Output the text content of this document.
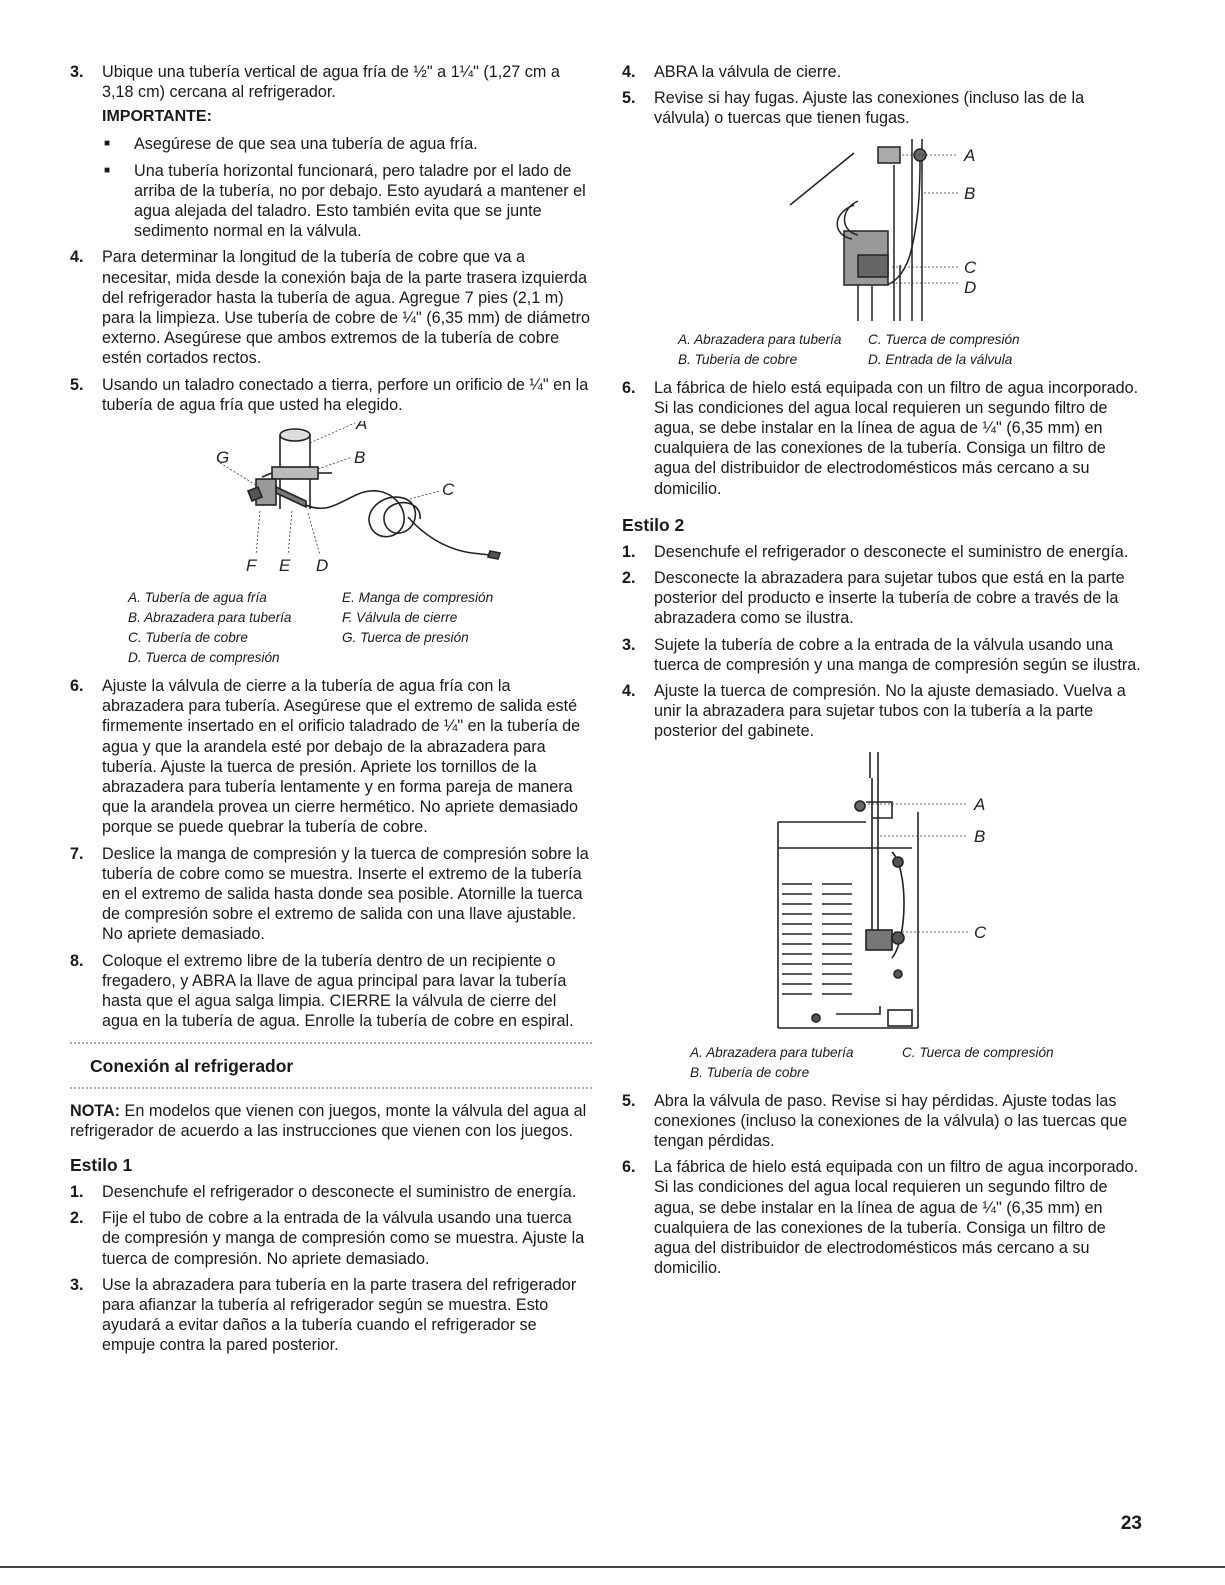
3.	Ubique una tubería vertical de agua fría de ½" a 1¼" (1,27 cm a 3,18 cm) cercana al refrigerador.
IMPORTANTE:
■	Asegúrese de que sea una tubería de agua fría.
■	Una tubería horizontal funcionará, pero taladre por el lado de arriba de la tubería, no por debajo. Esto ayudará a mantener el agua alejada del taladro. Esto también evita que se junte sedimento normal en la válvula.
4.	Para determinar la longitud de la tubería de cobre que va a necesitar, mida desde la conexión baja de la parte trasera izquierda del refrigerador hasta la tubería de agua. Agregue 7 pies (2,1 m) para la limpieza. Use tubería de cobre de ¼" (6,35 mm) de diámetro externo. Asegúrese que ambos extremos de la tubería de cobre estén cortados rectos.
5.	Usando un taladro conectado a tierra, perfore un orificio de ¼" en la tubería de agua fría que usted ha elegido.
A
B
C
G
F E D
A. Tubería de agua fría
B. Abrazadera para tubería
C. Tubería de cobre
D. Tuerca de compresión
E. Manga de compresión
F. Válvula de cierre
G. Tuerca de presión
6.	Ajuste la válvula de cierre a la tubería de agua fría con la abrazadera para tubería. Asegúrese que el extremo de salida esté firmemente insertado en el orificio taladrado de ¼" en la tubería de agua y que la arandela esté por debajo de la abrazadera para tubería. Ajuste la tuerca de presión. Apriete los tornillos de la abrazadera para tubería lentamente y en forma pareja de manera que la arandela provea un cierre hermético. No apriete demasiado porque se puede quebrar la tubería de cobre.
7.	Deslice la manga de compresión y la tuerca de compresión sobre la tubería de cobre como se muestra. Inserte el extremo de la tubería en el extremo de salida hasta donde sea posible. Atornille la tuerca de compresión sobre el extremo de salida con una llave ajustable. No apriete demasiado.
8.	Coloque el extremo libre de la tubería dentro de un recipiente o fregadero, y ABRA la llave de agua principal para lavar la tubería hasta que el agua salga limpia. CIERRE la válvula de cierre del agua en la tubería de agua. Enrolle la tubería de cobre en espiral.
Conexión al refrigerador

NOTA: En modelos que vienen con juegos, monte la válvula del agua al refrigerador de acuerdo a las instrucciones que vienen con los juegos.

Estilo 1
1.	Desenchufe el refrigerador o desconecte el suministro de energía.
2.	Fije el tubo de cobre a la entrada de la válvula usando una tuerca de compresión y manga de compresión como se muestra. Ajuste la tuerca de compresión. No apriete demasiado.
3.	Use la abrazadera para tubería en la parte trasera del refrigerador para afianzar la tubería al refrigerador según se muestra. Esto ayudará a evitar daños a la tubería cuando el refrigerador se empuje contra la pared posterior.
4.	ABRA la válvula de cierre.
5.	Revise si hay fugas. Ajuste las conexiones (incluso las de la válvula) o tuercas que tienen fugas.
A
B
C
D
A. Abrazadera para tubería
B. Tubería de cobre
C. Tuerca de compresión
D. Entrada de la válvula
6.	La fábrica de hielo está equipada con un filtro de agua incorporado. Si las condiciones del agua local requieren un segundo filtro de agua, se debe instalar en la línea de agua de ¼" (6,35 mm) en cualquiera de las conexiones de la tubería. Consiga un filtro de agua del distribuidor de electrodomésticos más cercano a su domicilio.
Estilo 2
1.	Desenchufe el refrigerador o desconecte el suministro de energía.
2.	Desconecte la abrazadera para sujetar tubos que está en la parte posterior del producto e inserte la tubería de cobre a través de la abrazadera como se ilustra.
3.	Sujete la tubería de cobre a la entrada de la válvula usando una tuerca de compresión y una manga de compresión según se ilustra.
4.	Ajuste la tuerca de compresión. No la ajuste demasiado. Vuelva a unir la abrazadera para sujetar tubos con la tubería a la parte posterior del gabinete.
A
B
C
A. Abrazadera para tubería
B. Tubería de cobre
C. Tuerca de compresión
5.	Abra la válvula de paso. Revise si hay pérdidas. Ajuste todas las conexiones (incluso la conexiones de la válvula) o las tuercas que tengan pérdidas.
6.	La fábrica de hielo está equipada con un filtro de agua incorporado. Si las condiciones del agua local requieren un segundo filtro de agua, se debe instalar en la línea de agua de ¼" (6,35 mm) en cualquiera de las conexiones de la tubería. Consiga un filtro de agua del distribuidor de electrodomésticos más cercano a su domicilio.
23
